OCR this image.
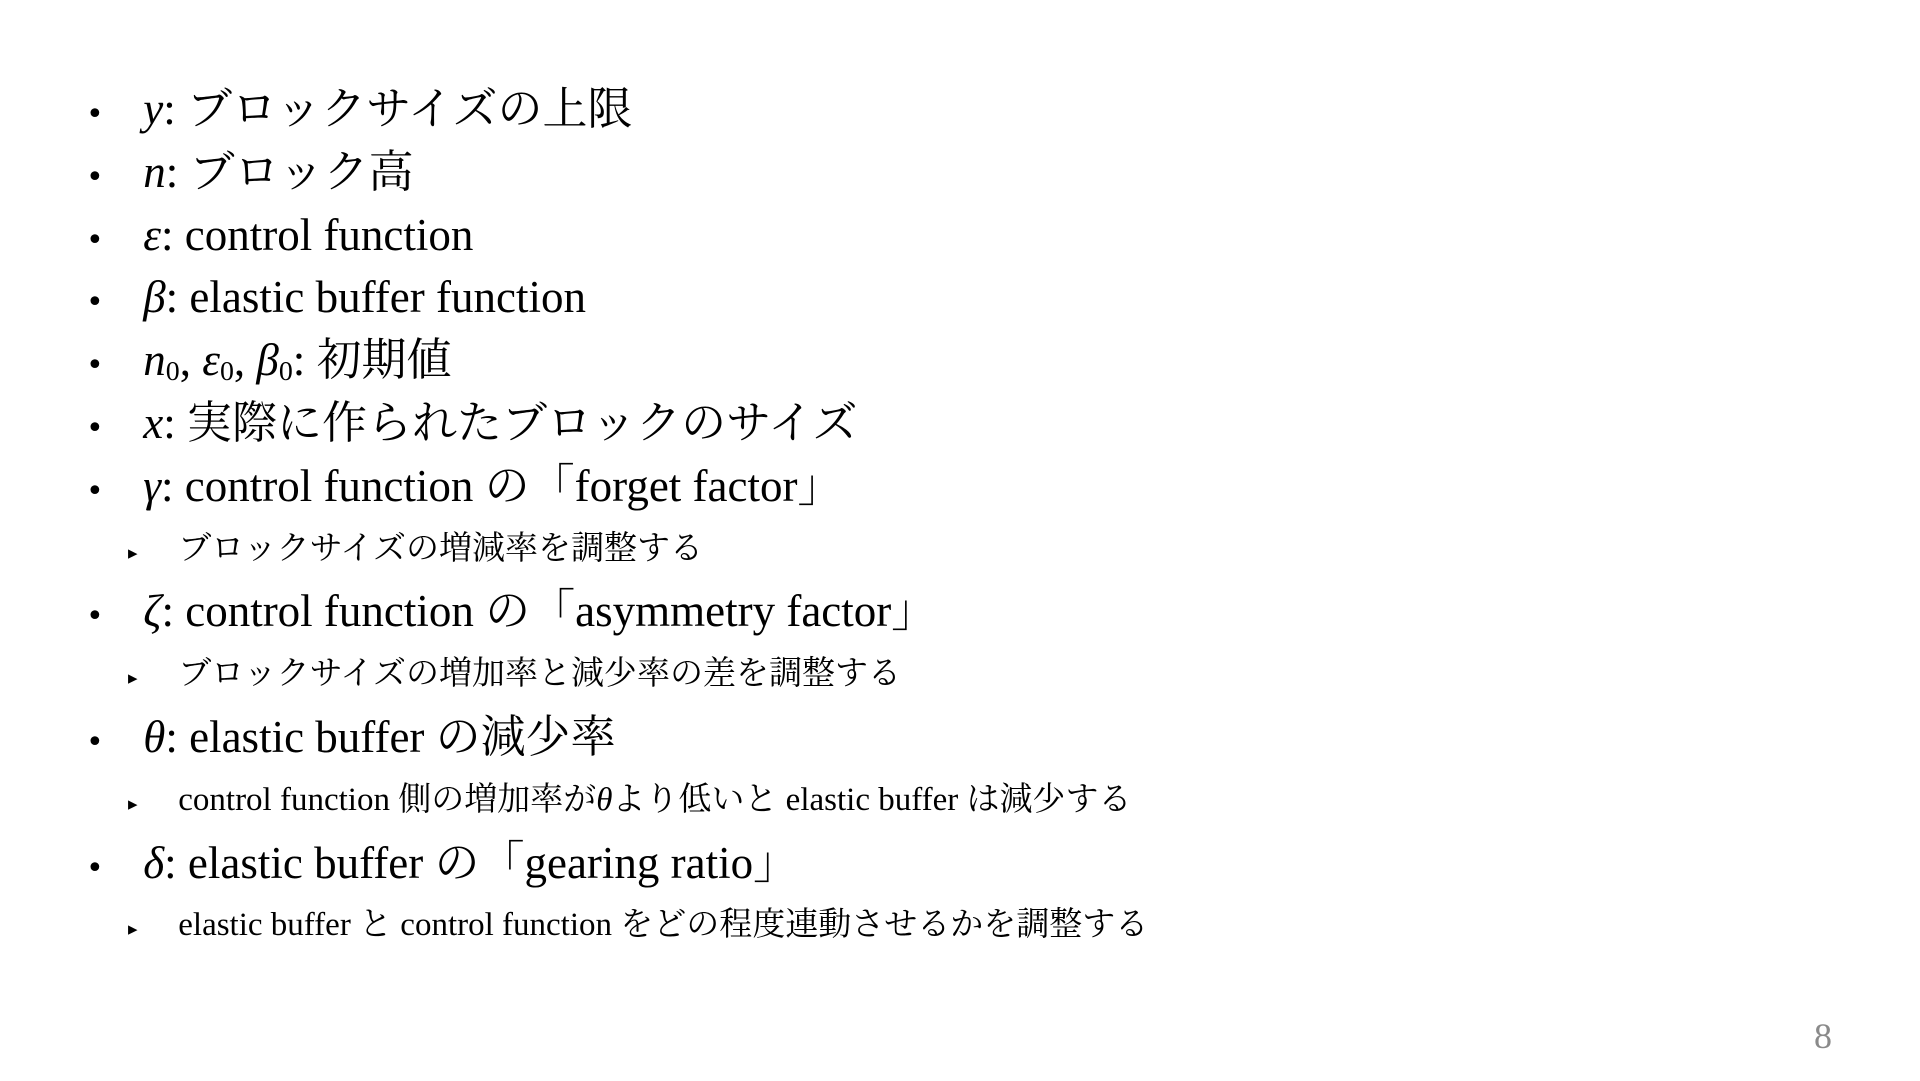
• y: ブロックサイズの上限
• n: ブロック高
• ε: control function
• β: elastic buffer function
• n0, ε0, β0: 初期値
• x: 実際に作られたブロックのサイズ
• γ: control function の「forget factor」
▸ ブロックサイズの増減率を調整する
• ζ: control function の「asymmetry factor」
▸ ブロックサイズの増加率と減少率の差を調整する
• θ: elastic buffer の減少率
▸ control function 側の増加率がθより低いと elastic buffer は減少する
• δ: elastic buffer の「gearing ratio」
▸ elastic buffer と control function をどの程度連動させるかを調整する
8
